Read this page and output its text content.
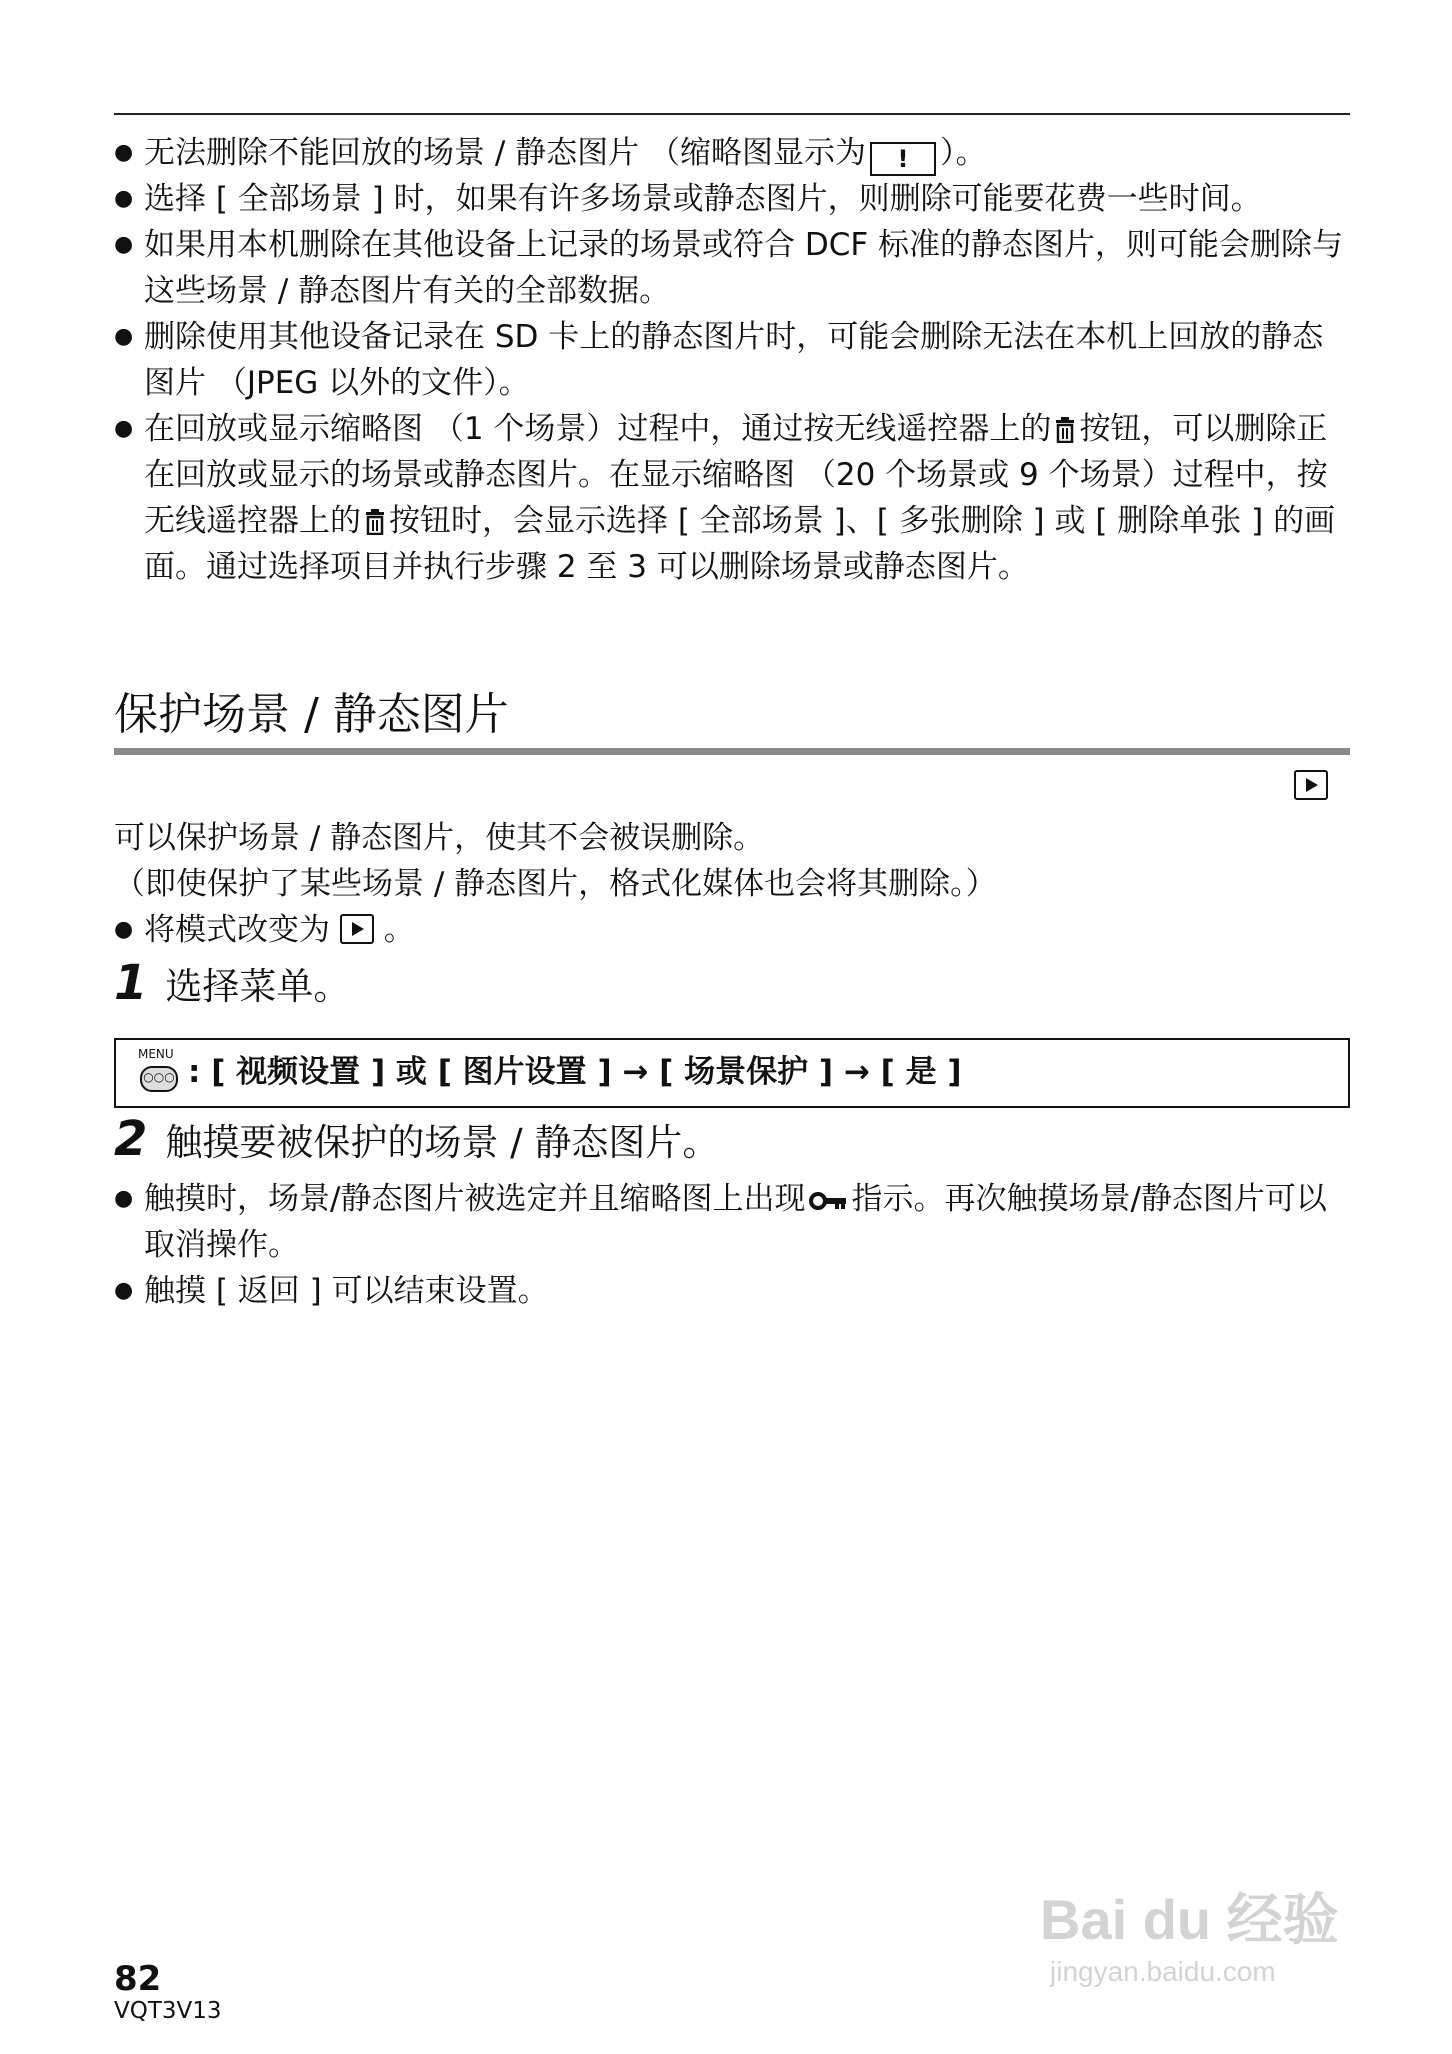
● 无法删除不能回放的场景 / 静态图片 （缩略图显示为 ! ）。
● 选择 [ 全部场景 ] 时，如果有许多场景或静态图片，则删除可能要花费一些时间。
● 如果用本机删除在其他设备上记录的场景或符合 DCF 标准的静态图片，则可能会删除与这些场景 / 静态图片有关的全部数据。
● 删除使用其他设备记录在 SD 卡上的静态图片时，可能会删除无法在本机上回放的静态图片 （JPEG 以外的文件）。
● 在回放或显示缩略图 （1 个场景）过程中，通过按无线遥控器上的 按钮，可以删除正在回放或显示的场景或静态图片。在显示缩略图 （20 个场景或 9 个场景）过程中，按无线遥控器上的 按钮时，会显示选择 [ 全部场景 ]、[ 多张删除 ] 或 [ 删除单张 ] 的画面。通过选择项目并执行步骤 2 至 3 可以删除场景或静态图片。
保护场景 / 静态图片
可以保护场景 / 静态图片，使其不会被误删除。
（即使保护了某些场景 / 静态图片，格式化媒体也会将其删除。）
● 将模式改变为 。
1 选择菜单。
MENU
○○○ : [ 视频设置 ] 或 [ 图片设置 ] → [ 场景保护 ] → [ 是 ]
2 触摸要被保护的场景 / 静态图片。
● 触摸时，场景/静态图片被选定并且缩略图上出现 指示。再次触摸场景/静态图片可以取消操作。
● 触摸 [ 返回 ] 可以结束设置。
82
VQT3V13
Bai du 经验
jingyan.baidu.com
